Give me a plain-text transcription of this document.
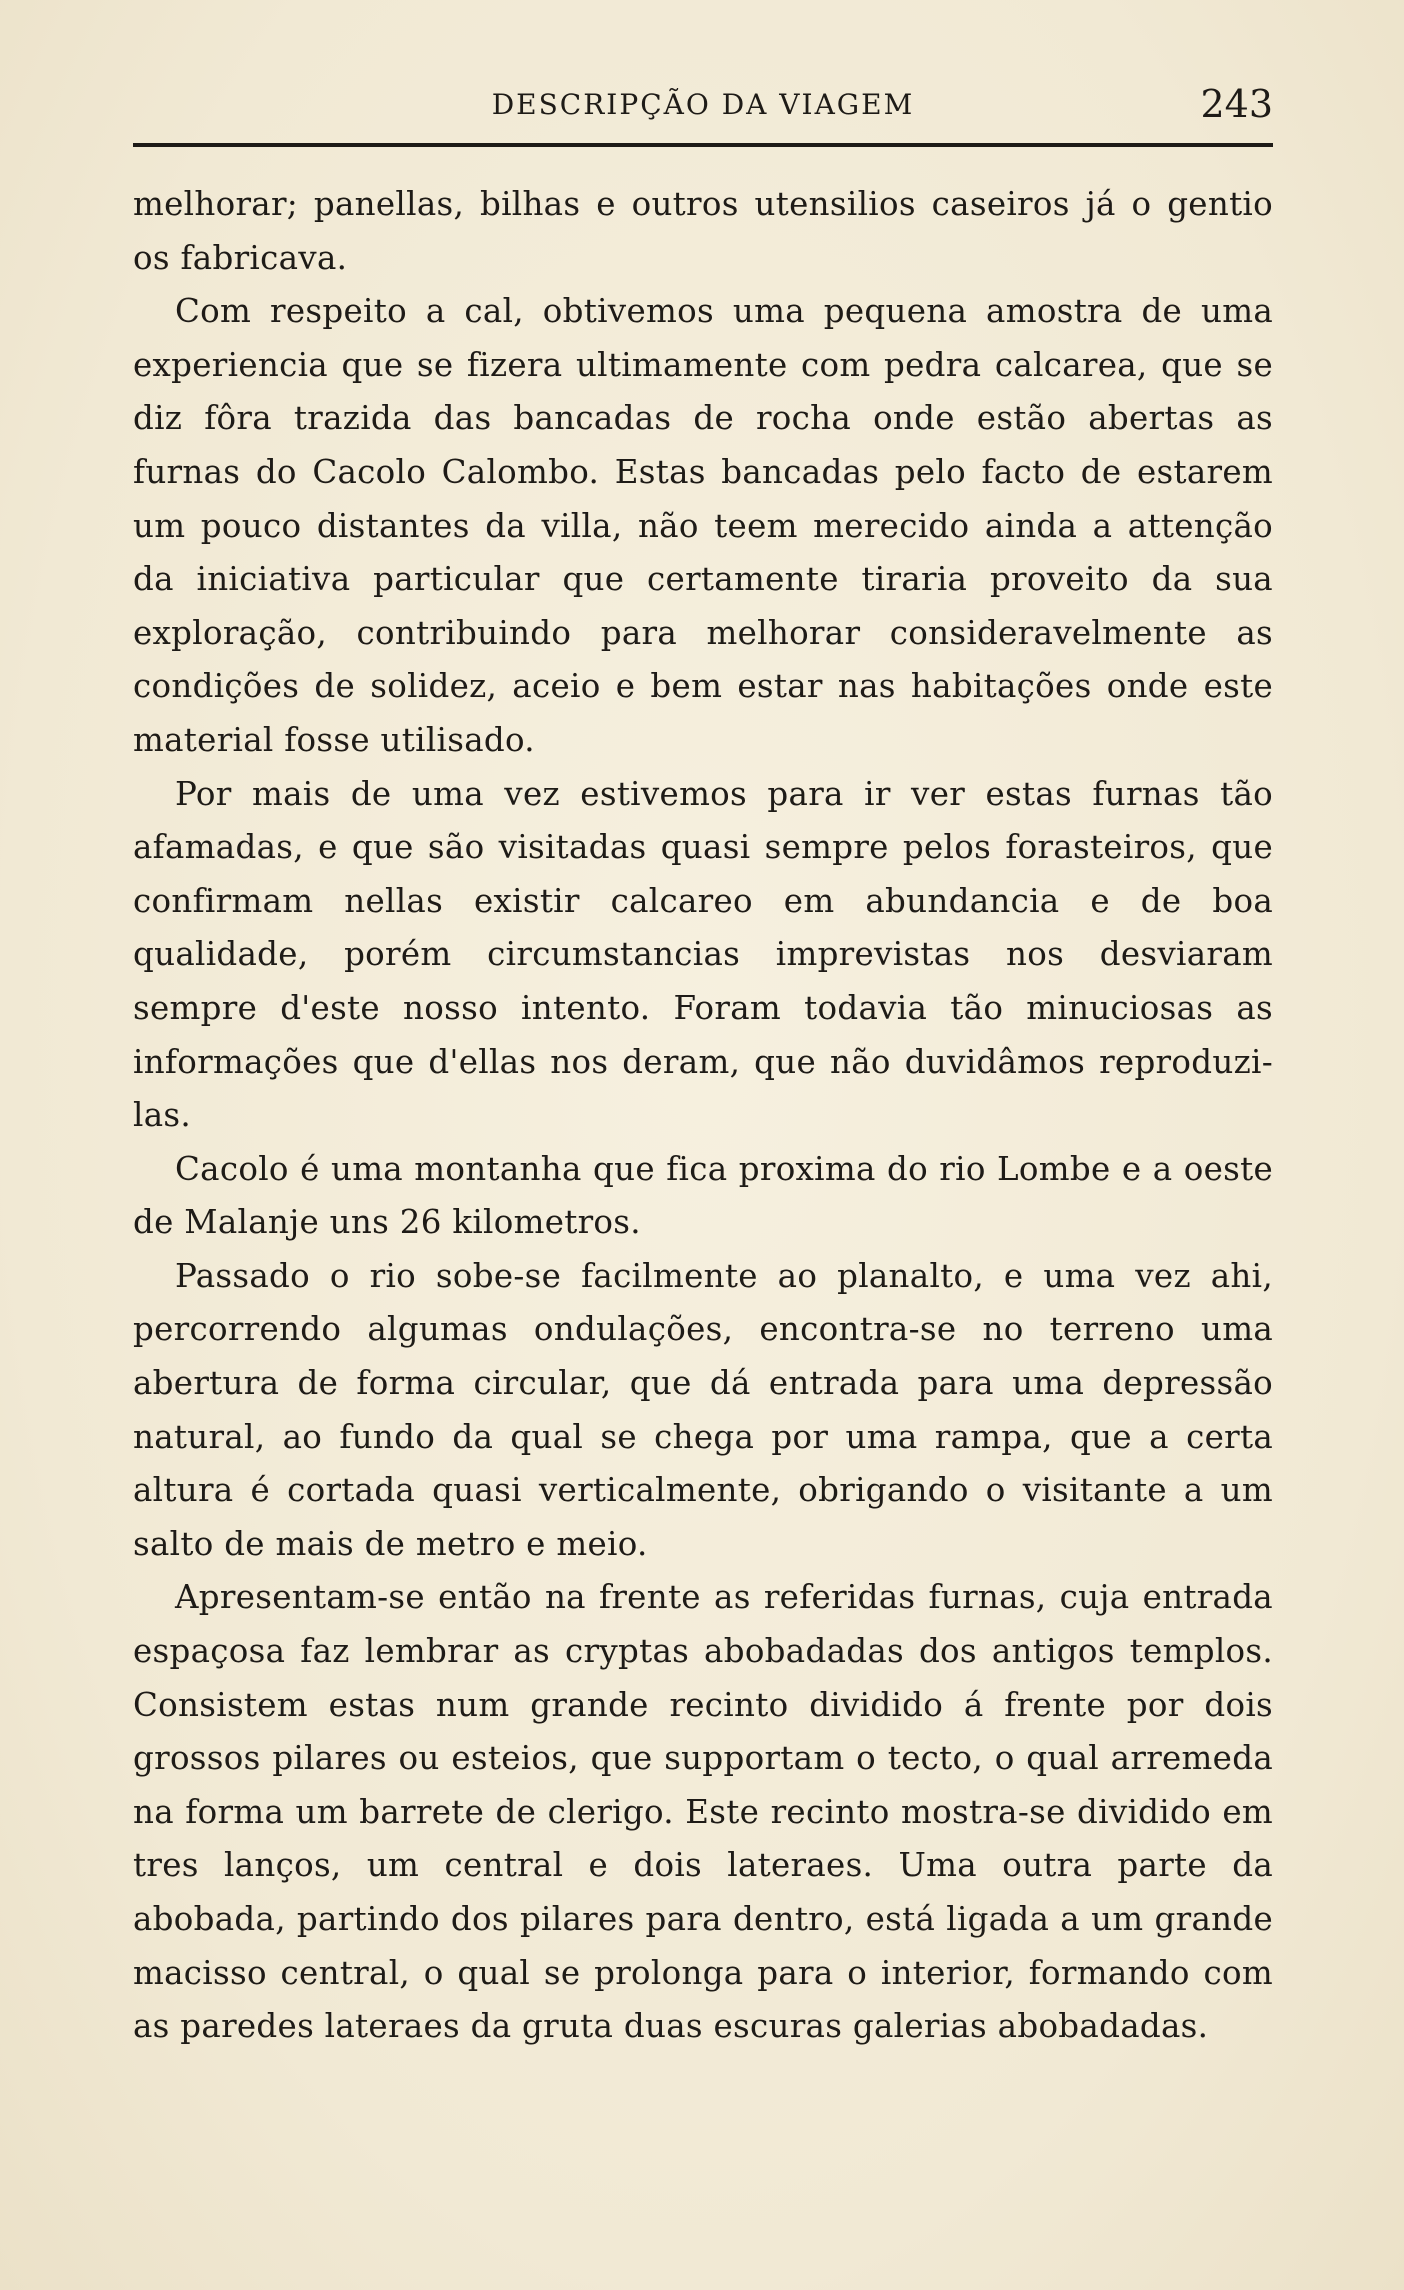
DESCRIPÇÃO DA VIAGEM	243

melhorar; panellas, bilhas e outros utensilios caseiros já o gentio os fabricava.

Com respeito a cal, obtivemos uma pequena amostra de uma experiencia que se fizera ultimamente com pedra calcarea, que se diz fôra trazida das bancadas de rocha onde estão abertas as furnas do Cacolo Calombo. Estas bancadas pelo facto de estarem um pouco distantes da villa, não teem merecido ainda a attenção da iniciativa particular que certamente tiraria proveito da sua exploração, contribuindo para melhorar consideravelmente as condições de solidez, aceio e bem estar nas habitações onde este material fosse utilisado.

Por mais de uma vez estivemos para ir ver estas furnas tão afamadas, e que são visitadas quasi sempre pelos forasteiros, que confirmam nellas existir calcareo em abundancia e de boa qualidade, porém circumstancias imprevistas nos desviaram sempre d'este nosso intento. Foram todavia tão minuciosas as informações que d'ellas nos deram, que não duvidâmos reproduzi-las.

Cacolo é uma montanha que fica proxima do rio Lombe e a oeste de Malanje uns 26 kilometros.

Passado o rio sobe-se facilmente ao planalto, e uma vez ahi, percorrendo algumas ondulações, encontra-se no terreno uma abertura de forma circular, que dá entrada para uma depressão natural, ao fundo da qual se chega por uma rampa, que a certa altura é cortada quasi verticalmente, obrigando o visitante a um salto de mais de metro e meio.

Apresentam-se então na frente as referidas furnas, cuja entrada espaçosa faz lembrar as cryptas abobadadas dos antigos templos. Consistem estas num grande recinto dividido á frente por dois grossos pilares ou esteios, que supportam o tecto, o qual arremeda na forma um barrete de clerigo. Este recinto mostra-se dividido em tres lanços, um central e dois lateraes. Uma outra parte da abobada, partindo dos pilares para dentro, está ligada a um grande macisso central, o qual se prolonga para o interior, formando com as paredes lateraes da gruta duas escuras galerias abobadadas.
